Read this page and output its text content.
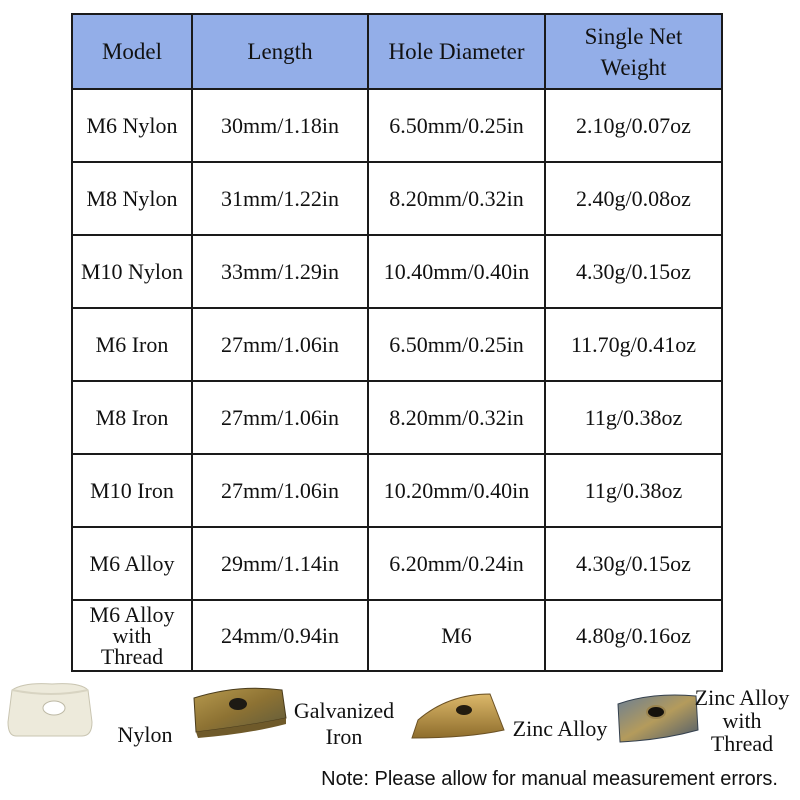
Model	Length	Hole Diameter	Single Net Weight
M6 Nylon	30mm/1.18in	6.50mm/0.25in	2.10g/0.07oz
M8 Nylon	31mm/1.22in	8.20mm/0.32in	2.40g/0.08oz
M10 Nylon	33mm/1.29in	10.40mm/0.40in	4.30g/0.15oz
M6 Iron	27mm/1.06in	6.50mm/0.25in	11.70g/0.41oz
M8 Iron	27mm/1.06in	8.20mm/0.32in	11g/0.38oz
M10 Iron	27mm/1.06in	10.20mm/0.40in	11g/0.38oz
M6 Alloy	29mm/1.14in	6.20mm/0.24in	4.30g/0.15oz
M6 Alloy with Thread	24mm/0.94in	M6	4.80g/0.16oz
Nylon
Galvanized Iron	Zinc Alloy
Zinc Alloy with Thread
Note: Please allow for manual measurement errors.
